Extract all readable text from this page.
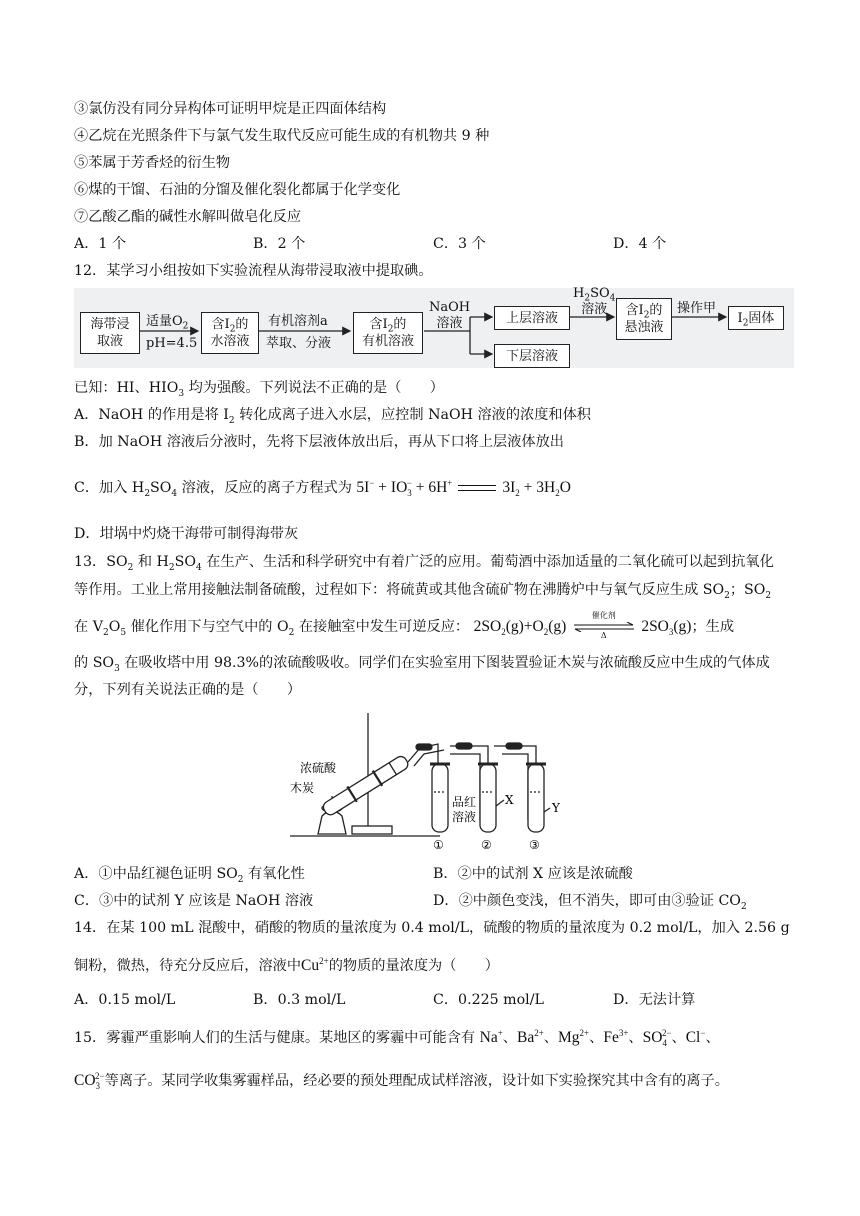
③氯仿没有同分异构体可证明甲烷是正四面体结构
④乙烷在光照条件下与氯气发生取代反应可能生成的有机物共 9 种
⑤苯属于芳香烃的衍生物
⑥煤的干馏、石油的分馏及催化裂化都属于化学变化
⑦乙酸乙酯的碱性水解叫做皂化反应
A．1 个	B．2 个	C．3 个	D．4 个
12．某学习小组按如下实验流程从海带浸取液中提取碘。
海带浸
取液
适量$O_2$
pH=4.5
含$I_2$的
水溶液
有机溶剂a
萃取、分液
含$I_2$的
有机溶液
NaOH
溶液	上层溶液
下层溶液
$H_2SO_4$
溶液	含$I_2$的
悬浊液
操作甲
$I_2$固体
已知：HI、$HIO_3$ 均为强酸。下列说法不正确的是（　　）
A．NaOH 的作用是将 $I_2$ 转化成离子进入水层，应控制 NaOH 溶液的浓度和体积
B．加 NaOH 溶液后分液时，先将下层液体放出后，再从下口将上层液体放出
C．加入 $H_2SO_4$ 溶液，反应的离子方程式为 $5I^- + IO_3^- + 6H^+$	$3I_2 + 3H_2O$
D．坩埚中灼烧干海带可制得海带灰
13．$SO_2$ 和 $H_2SO_4$ 在生产、生活和科学研究中有着广泛的应用。葡萄酒中添加适量的二氧化硫可以起到抗氧化
等作用。工业上常用接触法制备硫酸，过程如下：将硫黄或其他含硫矿物在沸腾炉中与氧气反应生成 $SO_2$；$SO_2$
在 $V_2O_5$ 催化作用下与空气中的 $O_2$ 在接触室中发生可逆反应： $2SO_2(g)+O_2(g)$
催化剂
Δ
$2SO_3(g)$；生成
的 $SO_3$ 在吸收塔中用 98.3%的浓硫酸吸收。同学们在实验室用下图装置验证木炭与浓硫酸反应中生成的气体成
分，下列有关说法正确的是（　　）
浓硫酸
木炭
品红
溶液
X
Y
①	②	③
A．①中品红褪色证明 $SO_2$ 有氧化性	B．②中的试剂 X 应该是浓硫酸
C．③中的试剂 Y 应该是 NaOH 溶液	D．②中颜色变浅，但不消失，即可由③验证 $CO_2$
14．在某 100 mL 混酸中，硝酸的物质的量浓度为 0.4 mol/L，硫酸的物质的量浓度为 0.2 mol/L，加入 2.56 g
铜粉，微热，待充分反应后，溶液中$Cu^{2+}$的物质的量浓度为（　　）
A．0.15 mol/L	B．0.3 mol/L	C．0.225 mol/L	D．无法计算
15．雾霾严重影响人们的生活与健康。某地区的雾霾中可能含有 Na+、$Ba^{2+}$、$Mg^{2+}$、$Fe^{3+}$、$SO_4^{2-}$、Cl−、
$CO_3^{2-}$等离子。某同学收集雾霾样品，经必要的预处理配成试样溶液，设计如下实验探究其中含有的离子。
